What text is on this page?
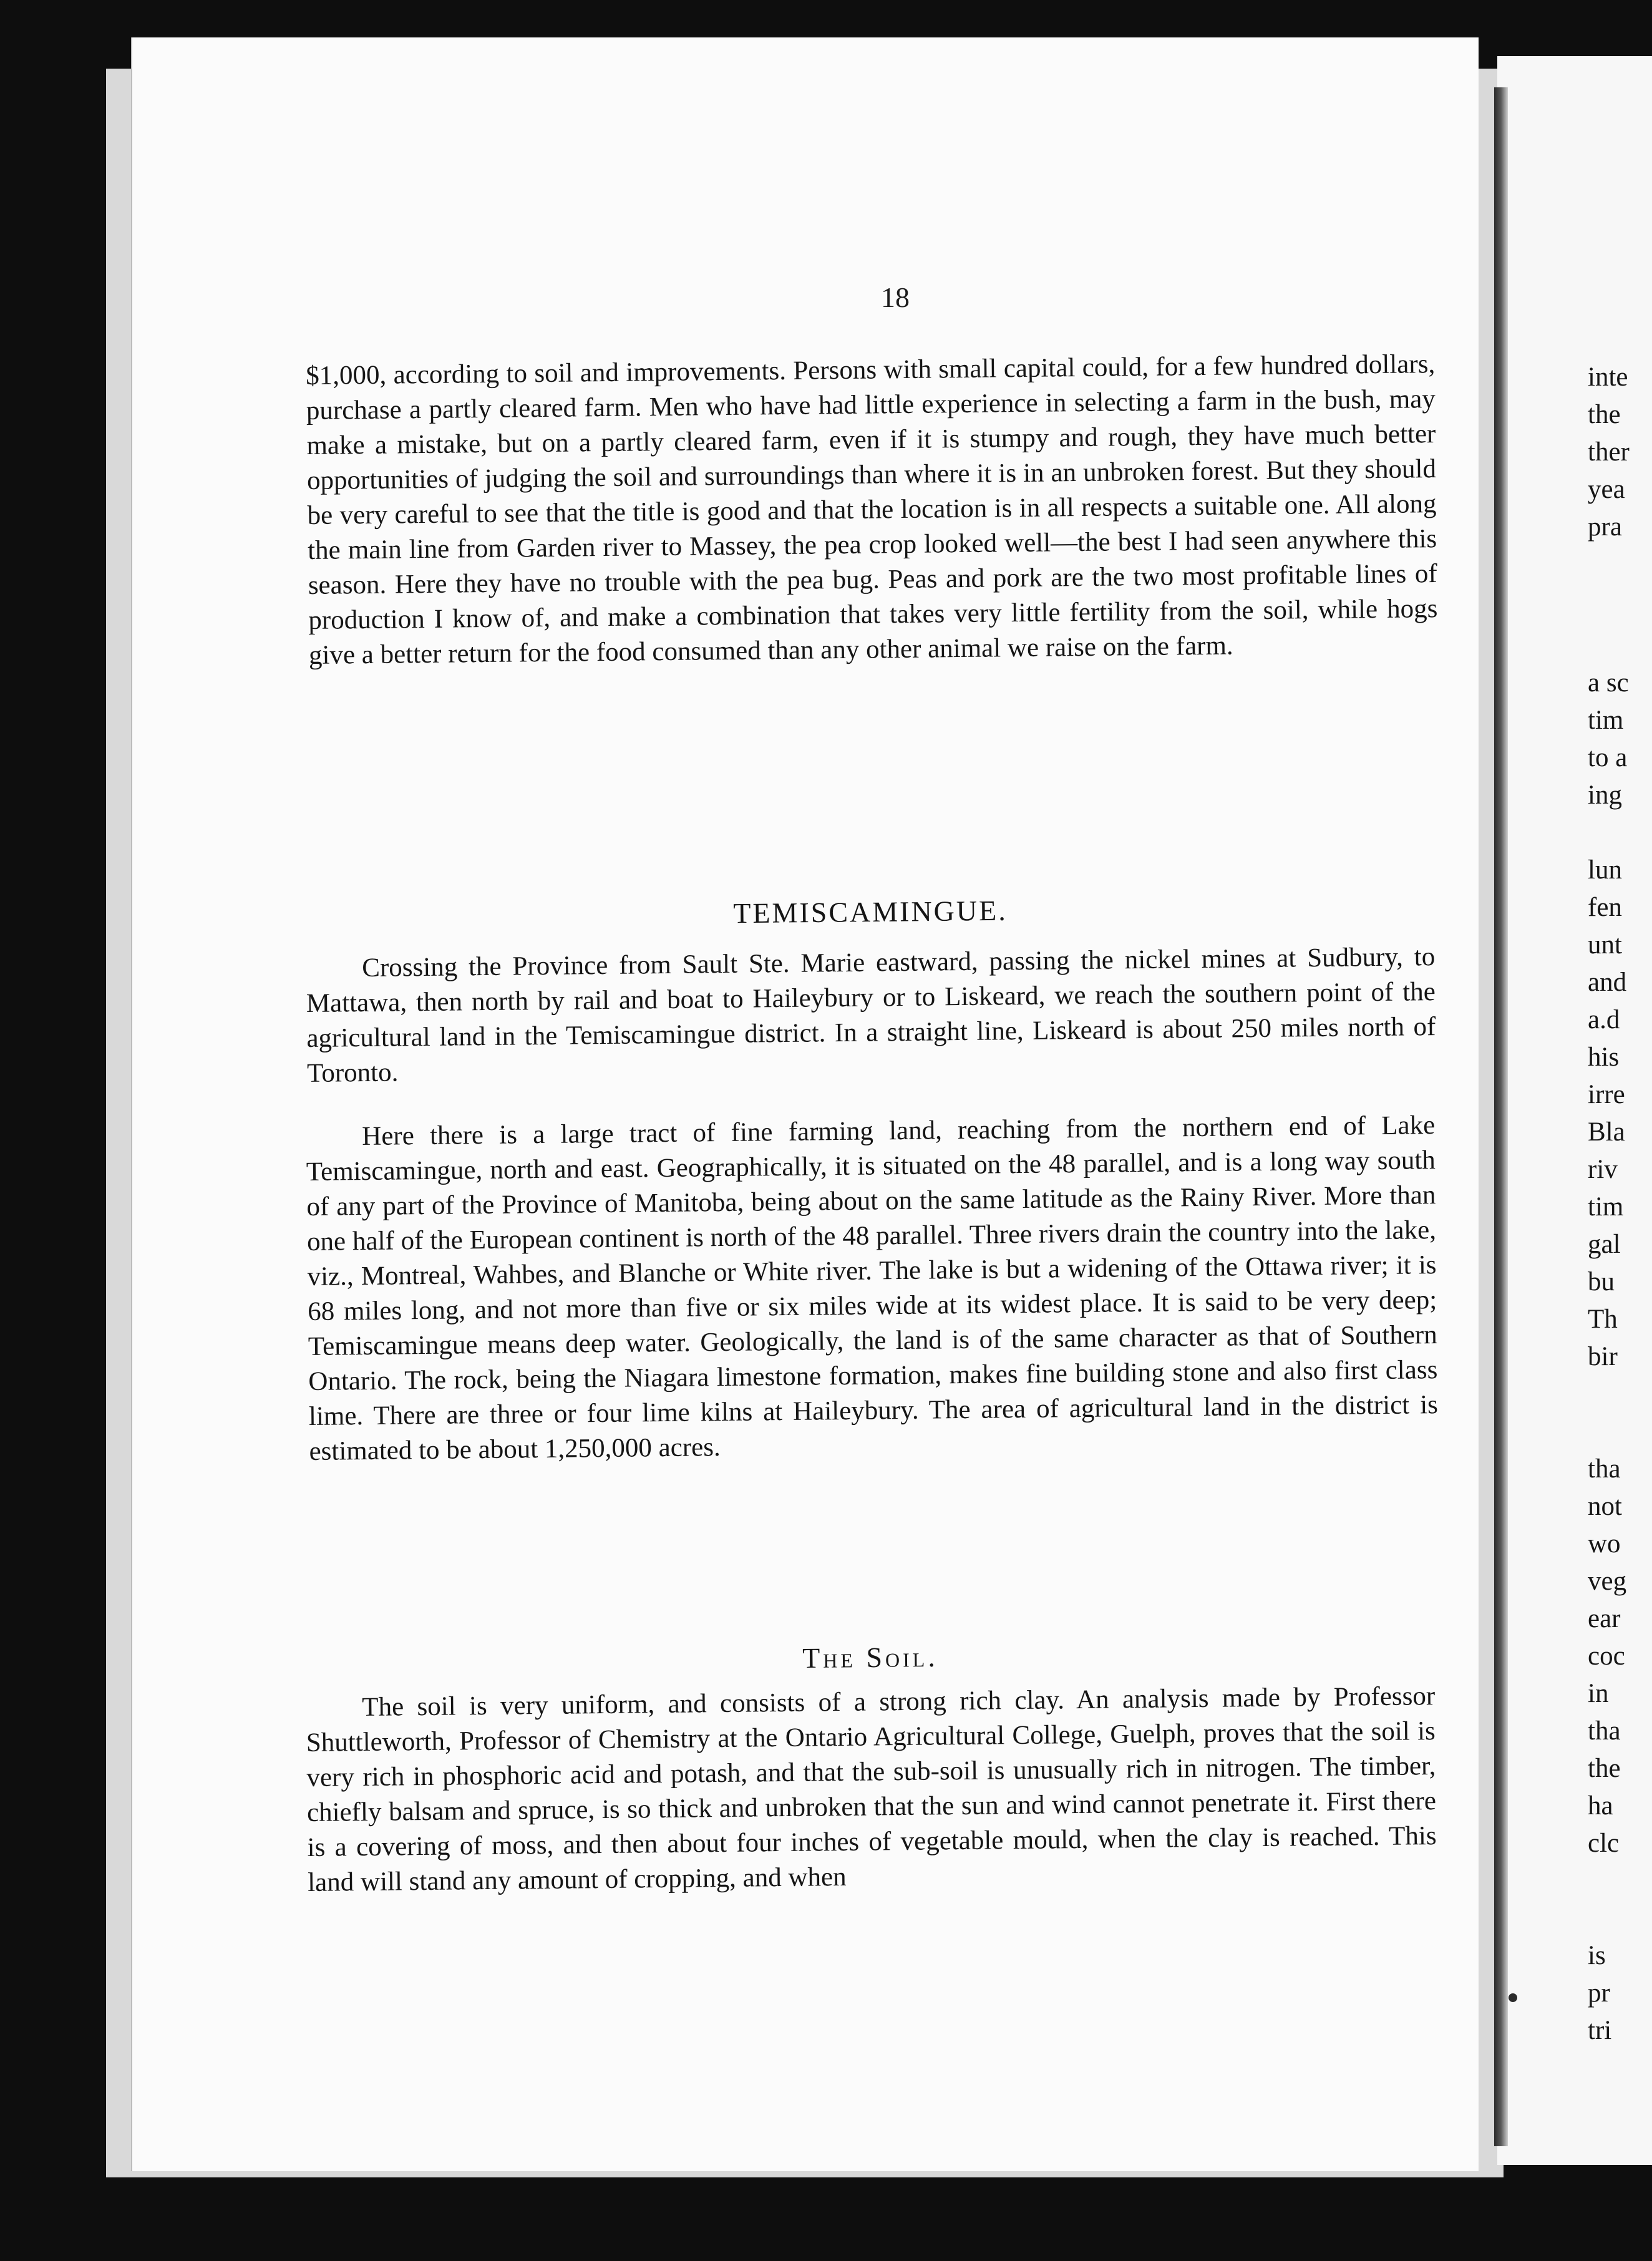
18
$1,000, according to soil and improvements. Persons with small capital could, for a few hundred dollars, purchase a partly cleared farm. Men who have had little experience in selecting a farm in the bush, may make a mistake, but on a partly cleared farm, even if it is stumpy and rough, they have much better opportunities of judging the soil and surroundings than where it is in an unbroken forest. But they should be very careful to see that the title is good and that the location is in all respects a suitable one. All along the main line from Garden river to Massey, the pea crop looked well—the best I had seen anywhere this season. Here they have no trouble with the pea bug. Peas and pork are the two most profitable lines of production I know of, and make a combination that takes very little fertility from the soil, while hogs give a better return for the food consumed than any other animal we raise on the farm.
TEMISCAMINGUE.
Crossing the Province from Sault Ste. Marie eastward, passing the nickel mines at Sudbury, to Mattawa, then north by rail and boat to Haileybury or to Liskeard, we reach the southern point of the agricultural land in the Temiscamingue district. In a straight line, Liskeard is about 250 miles north of Toronto.
Here there is a large tract of fine farming land, reaching from the northern end of Lake Temiscamingue, north and east. Geographically, it is situated on the 48 parallel, and is a long way south of any part of the Province of Manitoba, being about on the same latitude as the Rainy River. More than one half of the European continent is north of the 48 parallel. Three rivers drain the country into the lake, viz., Montreal, Wahbes, and Blanche or White river. The lake is but a widening of the Ottawa river; it is 68 miles long, and not more than five or six miles wide at its widest place. It is said to be very deep; Temiscamingue means deep water. Geologically, the land is of the same character as that of Southern Ontario. The rock, being the Niagara limestone formation, makes fine building stone and also first class lime. There are three or four lime kilns at Haileybury. The area of agricultural land in the district is estimated to be about 1,250,000 acres.
The Soil.
The soil is very uniform, and consists of a strong rich clay. An analysis made by Professor Shuttleworth, Professor of Chemistry at the Ontario Agricultural College, Guelph, proves that the soil is very rich in phosphoric acid and potash, and that the sub-soil is unusually rich in nitrogen. The timber, chiefly balsam and spruce, is so thick and unbroken that the sun and wind cannot penetrate it. First there is a covering of moss, and then about four inches of vegetable mould, when the clay is reached. This land will stand any amount of cropping, and when
inte
the
ther
yea
pra
a sc
tim
to a
ing
lun
fen
unt
and
a.d
his
irre
Bla
riv
tim
gal
bu
Th
bir
tha
not
wo
veg
ear
coc
in
tha
the
ha
clc
is
pr
tri
